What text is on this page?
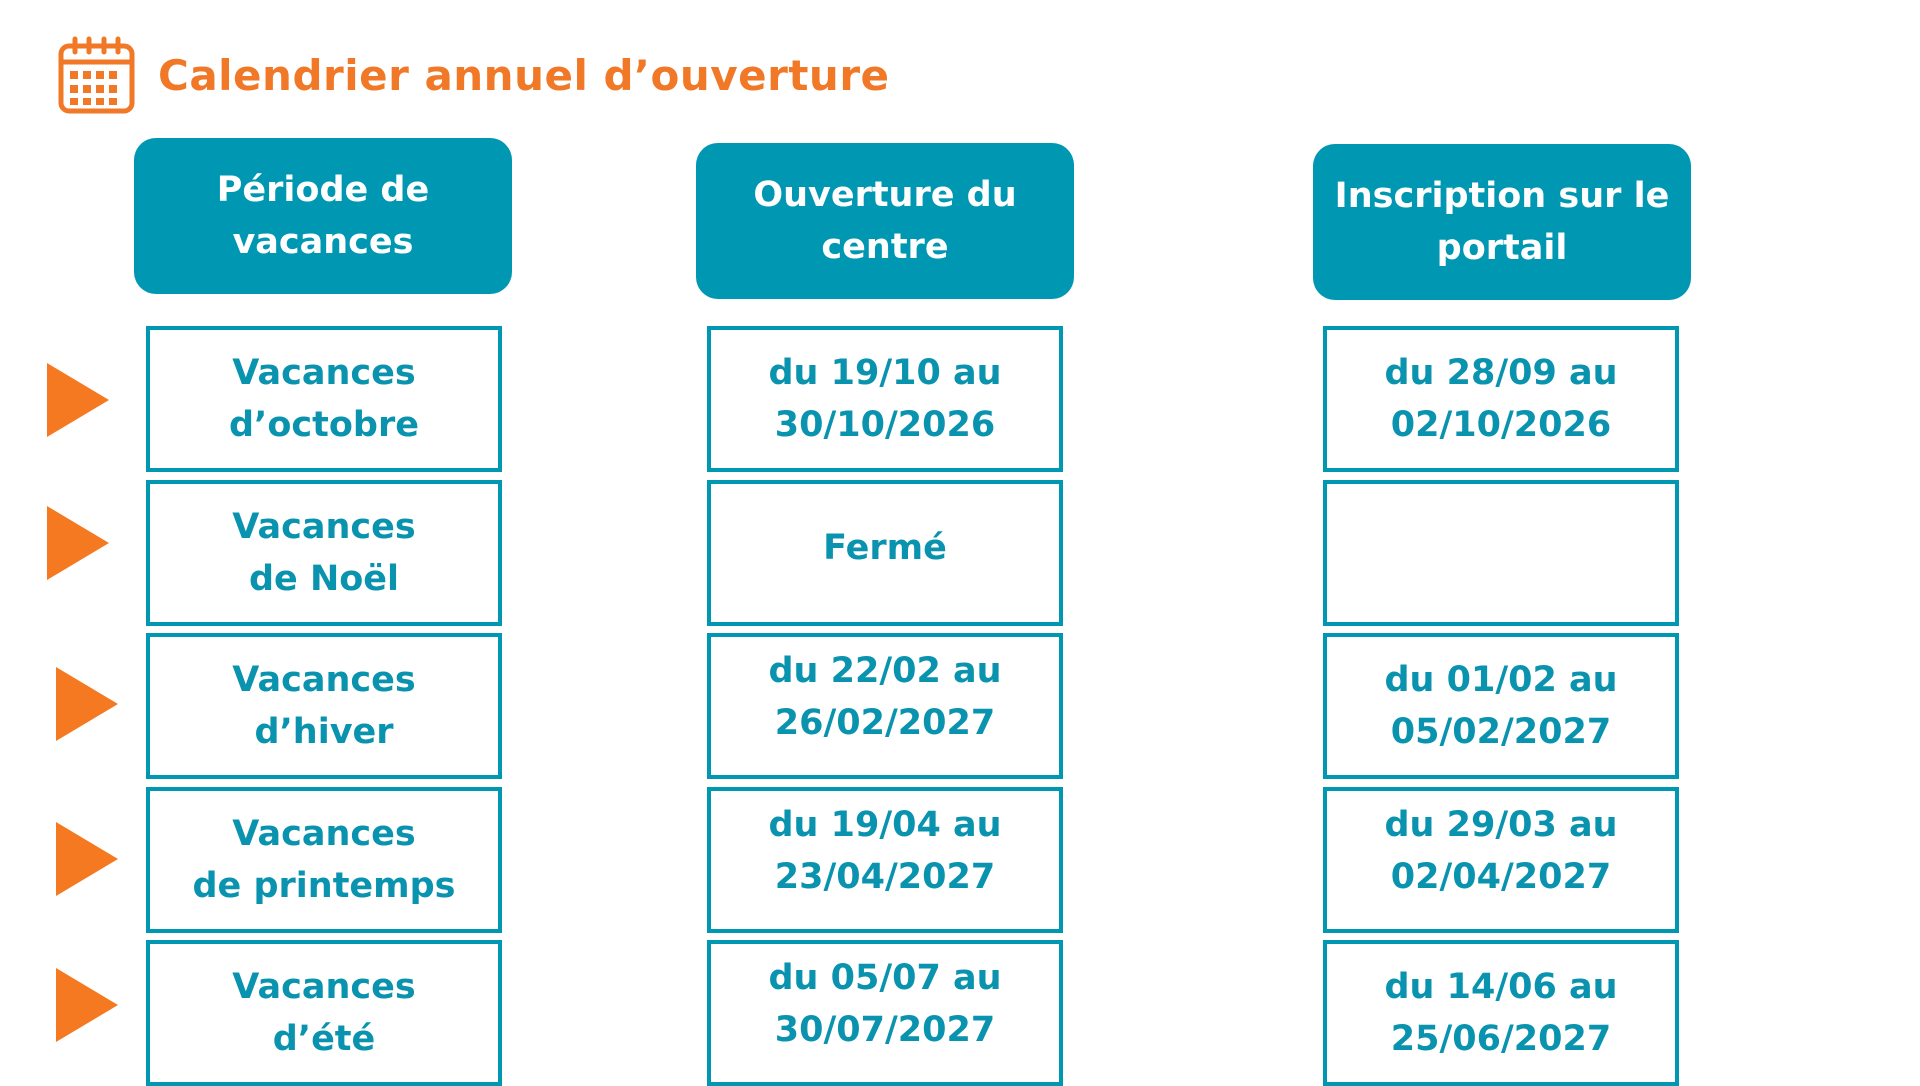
Calendrier annuel d’ouverture
Période de
vacances
Ouverture du
centre
Inscription sur le
portail
Vacances
d’octobre
du 19/10 au
30/10/2026
du 28/09 au
02/10/2026
Vacances
de Noël
Fermé
Vacances
d’hiver
du 22/02 au
26/02/2027
du 01/02 au
05/02/2027
Vacances
de printemps
du 19/04 au
23/04/2027
du 29/03 au
02/04/2027
Vacances
d’été
du 05/07 au
30/07/2027
du 14/06 au
25/06/2027
